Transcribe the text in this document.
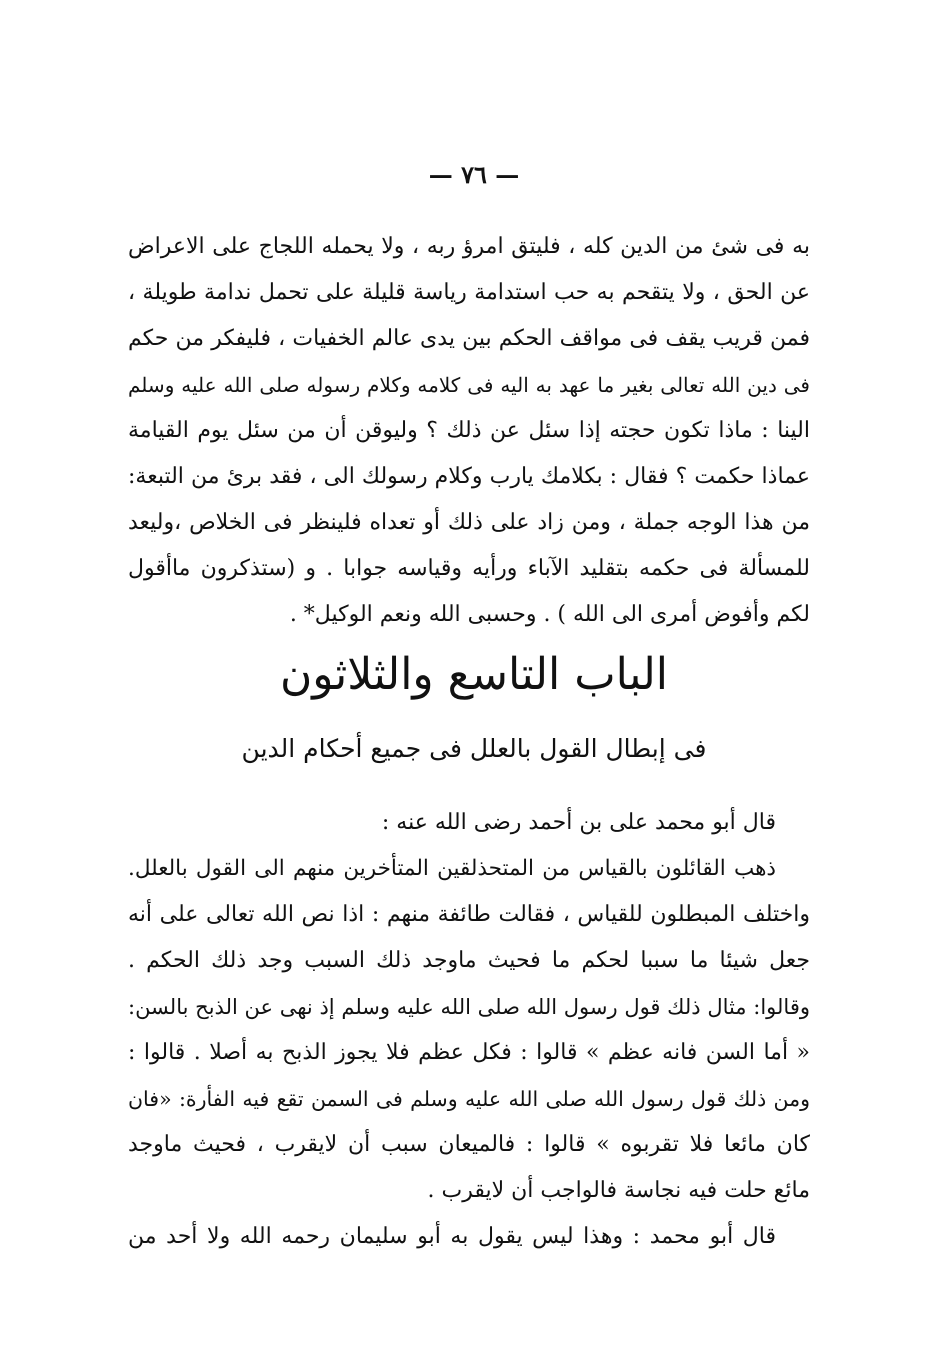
— ٧٦ —
به فى شئ من الدين كله ، فليتق امرؤ ربه ، ولا يحمله اللجاج على الاعراض
عن الحق ، ولا يتقحم به حب استدامة رياسة قليلة على تحمل ندامة طويلة ،
فمن قريب يقف فى مواقف الحكم بين يدى عالم الخفيات ، فليفكر من حكم
فى دين الله تعالى بغير ما عهد به اليه فى كلامه وكلام رسوله صلى الله عليه وسلم
الينا : ماذا تكون حجته إذا سئل عن ذلك ؟ وليوقن أن من سئل يوم القيامة
عماذا حكمت ؟ فقال : بكلامك يارب وكلام رسولك الى ، فقد برئ من التبعة:
من هذا الوجه جملة ، ومن زاد على ذلك أو تعداه فلينظر فى الخلاص ،وليعد
للمسألة فى حكمه بتقليد الآباء ورأيه وقياسه جوابا . و (ستذكرون ماأقول
لكم وأفوض أمرى الى الله ) . وحسبى الله ونعم الوكيل* .
الباب التاسع والثلاثون
فى إبطال القول بالعلل فى جميع أحكام الدين
قال أبو محمد على بن أحمد رضى الله عنه :
ذهب القائلون بالقياس من المتحذلقين المتأخرين منهم الى القول بالعلل.
واختلف المبطلون للقياس ، فقالت طائفة منهم : اذا نص الله تعالى على أنه
جعل شيئا ما سببا لحكم ما فحيث ماوجد ذلك السبب وجد ذلك الحكم .
وقالوا: مثال ذلك قول رسول الله صلى الله عليه وسلم إذ نهى عن الذبح بالسن:
« أما السن فانه عظم » قالوا : فكل عظم فلا يجوز الذبح به أصلا . قالوا :
ومن ذلك قول رسول الله صلى الله عليه وسلم فى السمن تقع فيه الفأرة: «فان
كان مائعا فلا تقربوه » قالوا : فالميعان سبب أن لايقرب ، فحيث ماوجد
مائع حلت فيه نجاسة فالواجب أن لايقرب .
قال أبو محمد : وهذا ليس يقول به أبو سليمان رحمه الله ولا أحد من
